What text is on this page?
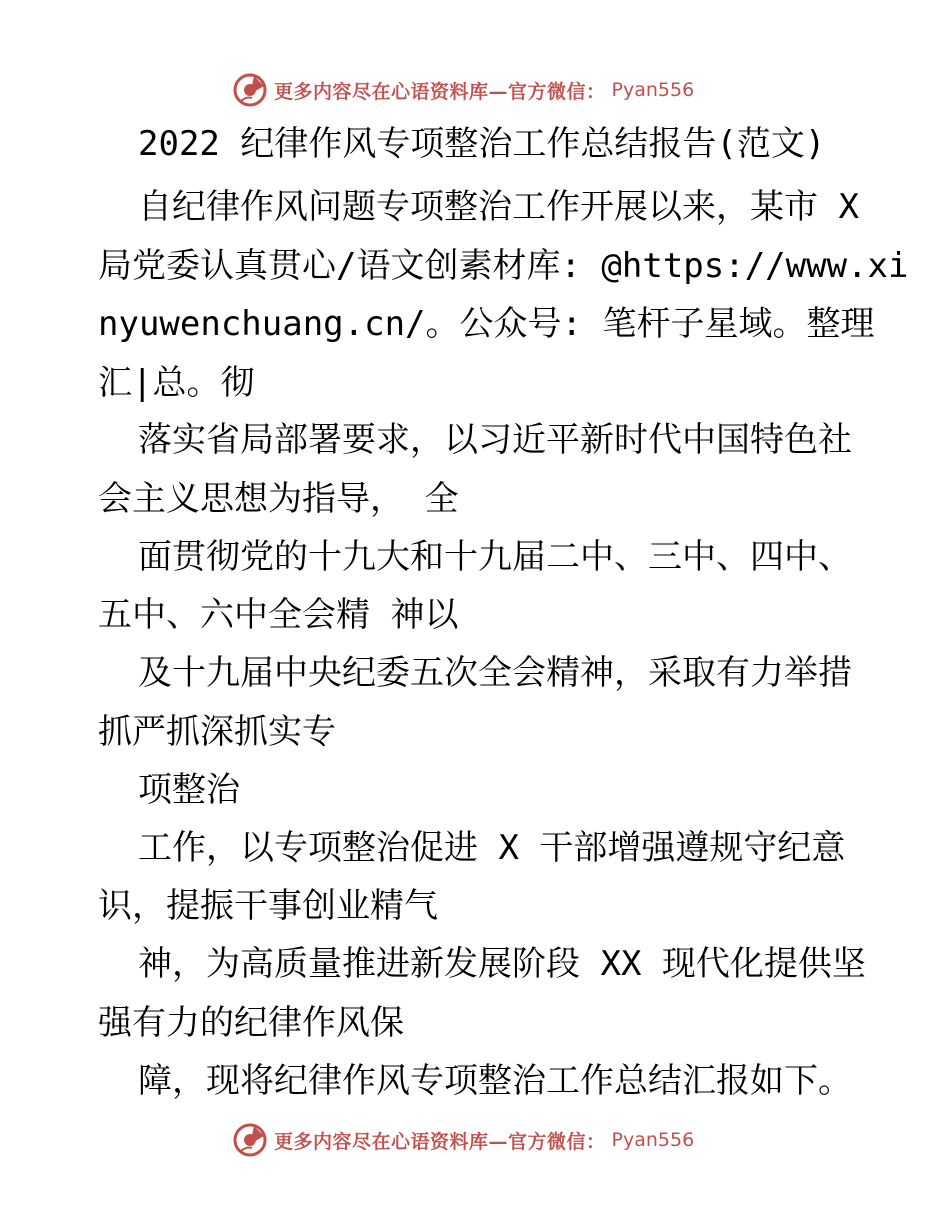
更多内容尽在心语资料库—官方微信： Pyan556
2022 纪律作风专项整治工作总结报告(范文)
自纪律作风问题专项整治工作开展以来，某市 X
局党委认真贯心/语文创素材库: @https://www.xi
nyuwenchuang.cn/。公众号: 笔杆子星域。整理
汇|总。彻
落实省局部署要求，以习近平新时代中国特色社
会主义思想为指导， 全
面贯彻党的十九大和十九届二中、三中、四中、
五中、六中全会精 神以
及十九届中央纪委五次全会精神，采取有力举措
抓严抓深抓实专
项整治
工作，以专项整治促进 X 干部增强遵规守纪意
识，提振干事创业精气
神，为高质量推进新发展阶段 XX 现代化提供坚
强有力的纪律作风保
障，现将纪律作风专项整治工作总结汇报如下。
更多内容尽在心语资料库—官方微信： Pyan556
